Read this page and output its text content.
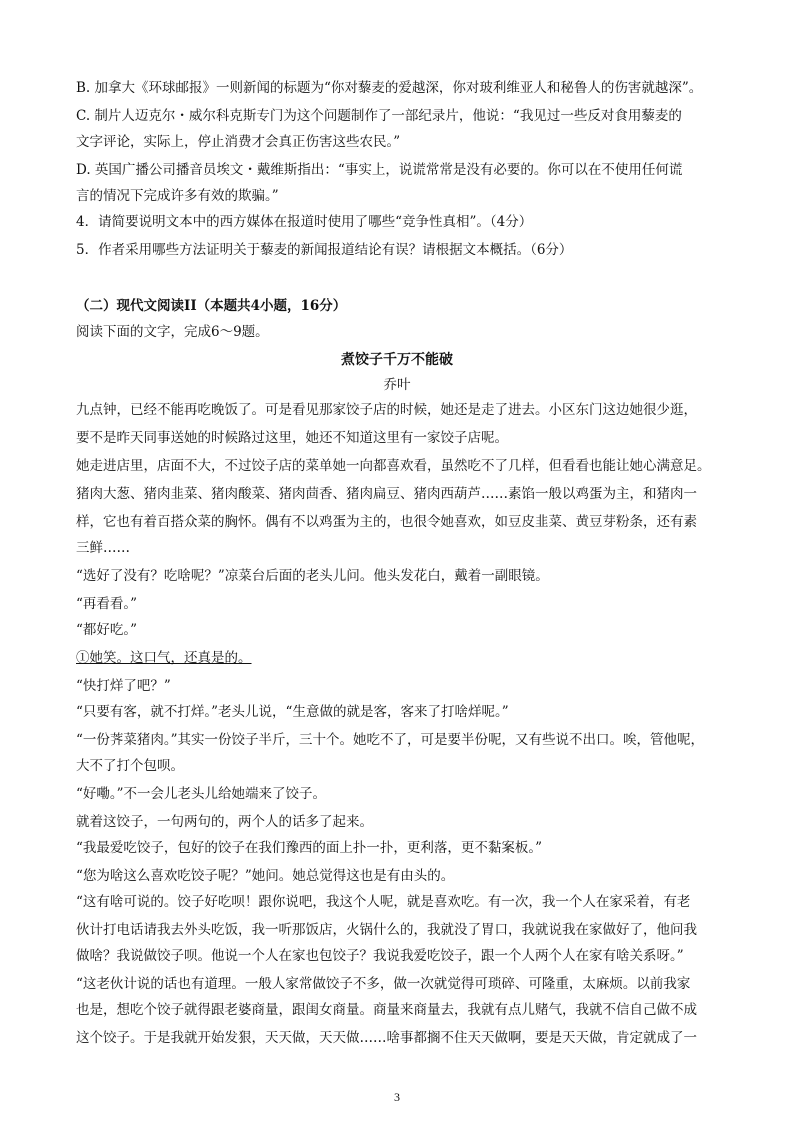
B. 加拿大《环球邮报》一则新闻的标题为“你对藜麦的爱越深，你对玻利维亚人和秘鲁人的伤害就越深”。
C. 制片人迈克尔・威尔科克斯专门为这个问题制作了一部纪录片，他说：“我见过一些反对食用藜麦的
文字评论，实际上，停止消费才会真正伤害这些农民。”
D. 英国广播公司播音员埃文・戴维斯指出：“事实上，说谎常常是没有必要的。你可以在不使用任何谎
言的情况下完成许多有效的欺骗。”
4．请简要说明文本中的西方媒体在报道时使用了哪些“竞争性真相”。（4分）
5．作者采用哪些方法证明关于藜麦的新闻报道结论有误？请根据文本概括。（6分）
（二）现代文阅读II（本题共4小题，16分）
阅读下面的文字，完成6～9题。
煮饺子千万不能破
乔叶
九点钟，已经不能再吃晚饭了。可是看见那家饺子店的时候，她还是走了进去。小区东门这边她很少逛，
要不是昨天同事送她的时候路过这里，她还不知道这里有一家饺子店呢。
她走进店里，店面不大，不过饺子店的菜单她一向都喜欢看，虽然吃不了几样，但看看也能让她心满意足。
猪肉大葱、猪肉韭菜、猪肉酸菜、猪肉茴香、猪肉扁豆、猪肉西葫芦……素馅一般以鸡蛋为主，和猪肉一
样，它也有着百搭众菜的胸怀。偶有不以鸡蛋为主的，也很令她喜欢，如豆皮韭菜、黄豆芽粉条，还有素
三鲜……
“选好了没有？吃啥呢？”凉菜台后面的老头儿问。他头发花白，戴着一副眼镜。
“再看看。”
“都好吃。”
①她笑。这口气，还真是的。
“快打烊了吧？”
“只要有客，就不打烊。”老头儿说，“生意做的就是客，客来了打啥烊呢。”
“一份荠菜猪肉。”其实一份饺子半斤，三十个。她吃不了，可是要半份呢，又有些说不出口。唉，管他呢，
大不了打个包呗。
“好嘞。”不一会儿老头儿给她端来了饺子。
就着这饺子，一句两句的，两个人的话多了起来。
“我最爱吃饺子，包好的饺子在我们豫西的面上扑一扑，更利落，更不黏案板。”
“您为啥这么喜欢吃饺子呢？”她问。她总觉得这也是有由头的。
“这有啥可说的。饺子好吃呗！跟你说吧，我这个人呢，就是喜欢吃。有一次，我一个人在家采着，有老
伙计打电话请我去外头吃饭，我一听那饭店，火锅什么的，我就没了胃口，我就说我在家做好了，他问我
做啥？我说做饺子呗。他说一个人在家也包饺子？我说我爱吃饺子，跟一个人两个人在家有啥关系呀。”
“这老伙计说的话也有道理。一般人家常做饺子不多，做一次就觉得可琐碎、可隆重，太麻烦。以前我家
也是，想吃个饺子就得跟老婆商量，跟闺女商量。商量来商量去，我就有点儿赌气，我就不信自己做不成
这个饺子。于是我就开始发狠，天天做，天天做……啥事都搁不住天天做啊，要是天天做，肯定就成了一
3
